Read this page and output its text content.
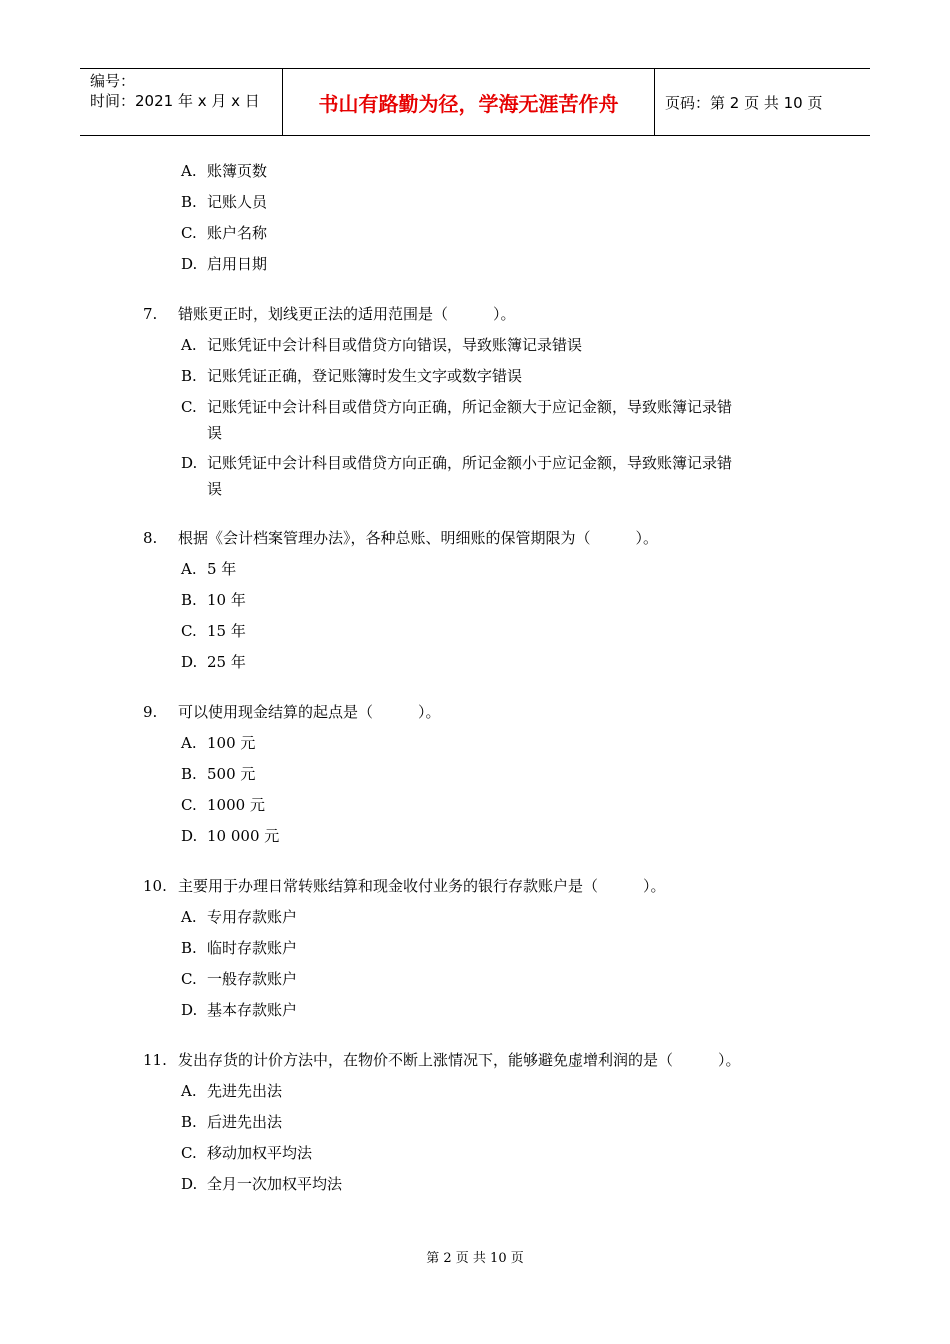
编号：
时间：2021 年 x 月 x 日	书山有路勤为径，学海无涯苦作舟	页码：第 2 页 共 10 页
A. 账簿页数
B. 记账人员
C. 账户名称
D. 启用日期
7. 错账更正时，划线更正法的适用范围是（　　　）。
A. 记账凭证中会计科目或借贷方向错误，导致账簿记录错误
B. 记账凭证正确，登记账簿时发生文字或数字错误
C. 记账凭证中会计科目或借贷方向正确，所记金额大于应记金额，导致账簿记录错
误
D. 记账凭证中会计科目或借贷方向正确，所记金额小于应记金额，导致账簿记录错
误
8. 根据《会计档案管理办法》，各种总账、明细账的保管期限为（　　　）。
A. 5 年
B. 10 年
C. 15 年
D. 25 年
9. 可以使用现金结算的起点是（　　　）。
A. 100 元
B. 500 元
C. 1000 元
D. 10 000 元
10. 主要用于办理日常转账结算和现金收付业务的银行存款账户是（　　　）。
A. 专用存款账户
B. 临时存款账户
C. 一般存款账户
D. 基本存款账户
11. 发出存货的计价方法中，在物价不断上涨情况下，能够避免虚增利润的是（　　　）。
A. 先进先出法
B. 后进先出法
C. 移动加权平均法
D. 全月一次加权平均法
第 2 页 共 10 页
